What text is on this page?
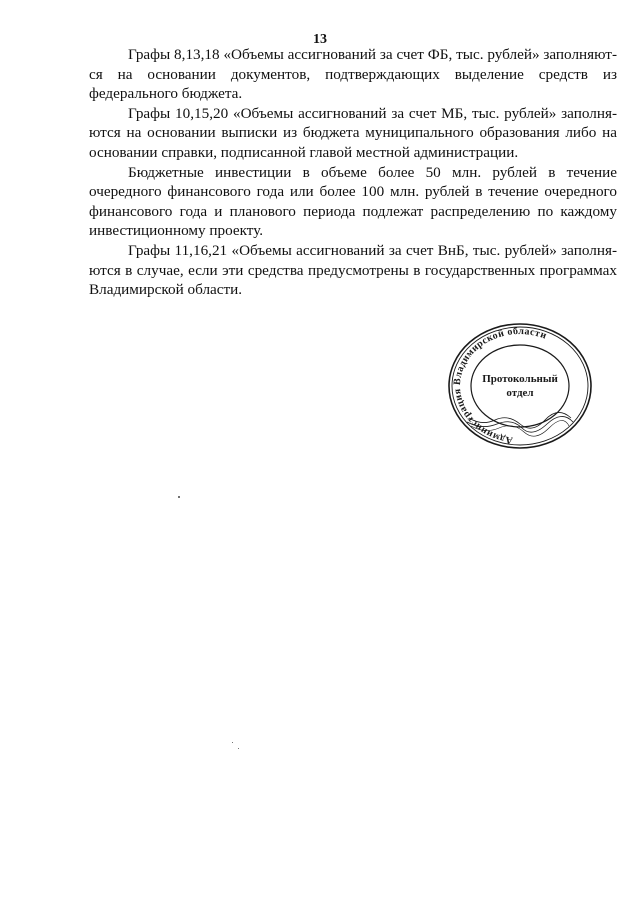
13

Графы 8,13,18 «Объемы ассигнований за счет ФБ, тыс. рублей» заполняются на основании документов, подтверждающих выделение средств из федерального бюджета.

Графы 10,15,20 «Объемы ассигнований за счет МБ, тыс. рублей» заполняются на основании выписки из бюджета муниципального образования либо на основании справки, подписанной главой местной администрации.

Бюджетные инвестиции в объеме более 50 млн. рублей в течение очередного финансового года или более 100 млн. рублей в течение очередного финансового года и планового периода подлежат распределению по каждому инвестиционному проекту.

Графы 11,16,21 «Объемы ассигнований за счет ВнБ, тыс. рублей» заполняются в случае, если эти средства предусмотрены в государственных программах Владимирской области.

Администрация Владимирской области
Протокольный
отдел
